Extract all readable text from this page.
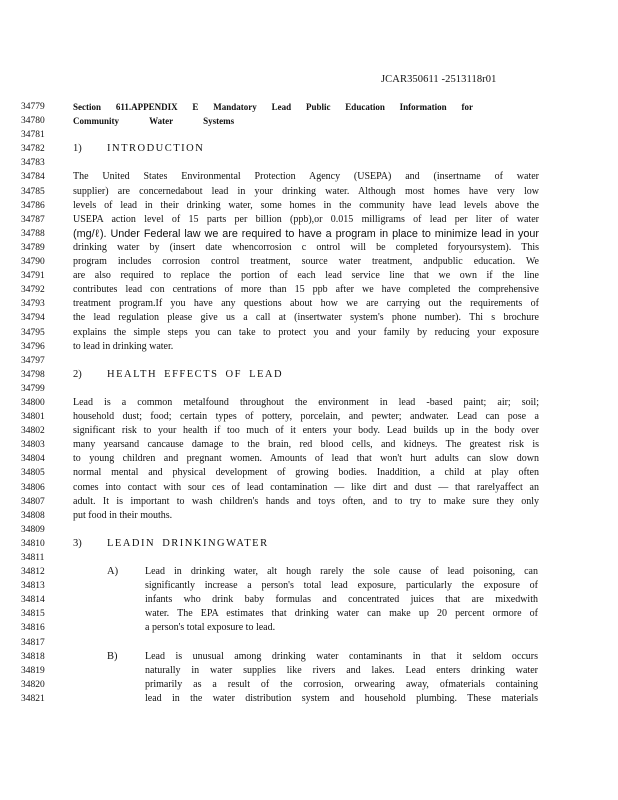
JCAR350611 -2513118r01
34779	Section 611.APPENDIX E Mandatory Lead Public Education Information for
34780	Community Water Systems
34781
34782	1) INTRODUCTION
34783
34784	The United States Environmental Protection Agency (USEPA) and (insertname of water
34785	supplier) are concernedabout lead in your drinking water. Although most homes have very low
34786	levels of lead in their drinking water, some homes in the community have lead levels above the
34787	USEPA action level of 15 parts per billion (ppb),or 0.015 milligrams of lead per liter of water
34788	(mg/ℓ). Under Federal law we are required to have a program in place to minimize lead in your
34789	drinking water by (insert date whencorrosion c ontrol will be completed foryoursystem). This
34790	program includes corrosion control treatment, source water treatment, andpublic education. We
34791	are also required to replace the portion of each lead service line that we own if the line
34792	contributes lead con centrations of more than 15 ppb after we have completed the comprehensive
34793	treatment program.If you have any questions about how we are carrying out the requirements of
34794	the lead regulation please give us a call at (insertwater system's phone number). Thi s brochure
34795	explains the simple steps you can take to protect you and your family by reducing your exposure
34796	to lead in drinking water.
34797
34798	2) HEALTH EFFECTS OF LEAD
34799
34800	Lead is a common metalfound throughout the environment in lead -based paint; air; soil;
34801	household dust; food; certain types of pottery, porcelain, and pewter; andwater. Lead can pose a
34802	significant risk to your health if too much of it enters your body. Lead builds up in the body over
34803	many yearsand cancause damage to the brain, red blood cells, and kidneys. The greatest risk is
34804	to young children and pregnant women. Amounts of lead that won't hurt adults can slow down
34805	normal mental and physical development of growing bodies. Inaddition, a child at play often
34806	comes into contact with sour ces of lead contamination — like dirt and dust — that rarelyaffect an
34807	adult. It is important to wash children's hands and toys often, and to try to make sure they only
34808	put food in their mouths.
34809
34810	3) LEADIN DRINKINGWATER
34811
34812	A)	Lead in drinking water, alt hough rarely the sole cause of lead poisoning, can
34813	significantly increase a person's total lead exposure, particularly the exposure of
34814	infants who drink baby formulas and concentrated juices that are mixedwith
34815	water. The EPA estimates that drinking water can make up 20 percent ormore of
34816	a person's total exposure to lead.
34817
34818	B)	Lead is unusual among drinking water contaminants in that it seldom occurs
34819	naturally in water supplies like rivers and lakes. Lead enters drinking water
34820	primarily as a result of the corrosion, orwearing away, ofmaterials containing
34821	lead in the water distribution system and household plumbing. These materials
